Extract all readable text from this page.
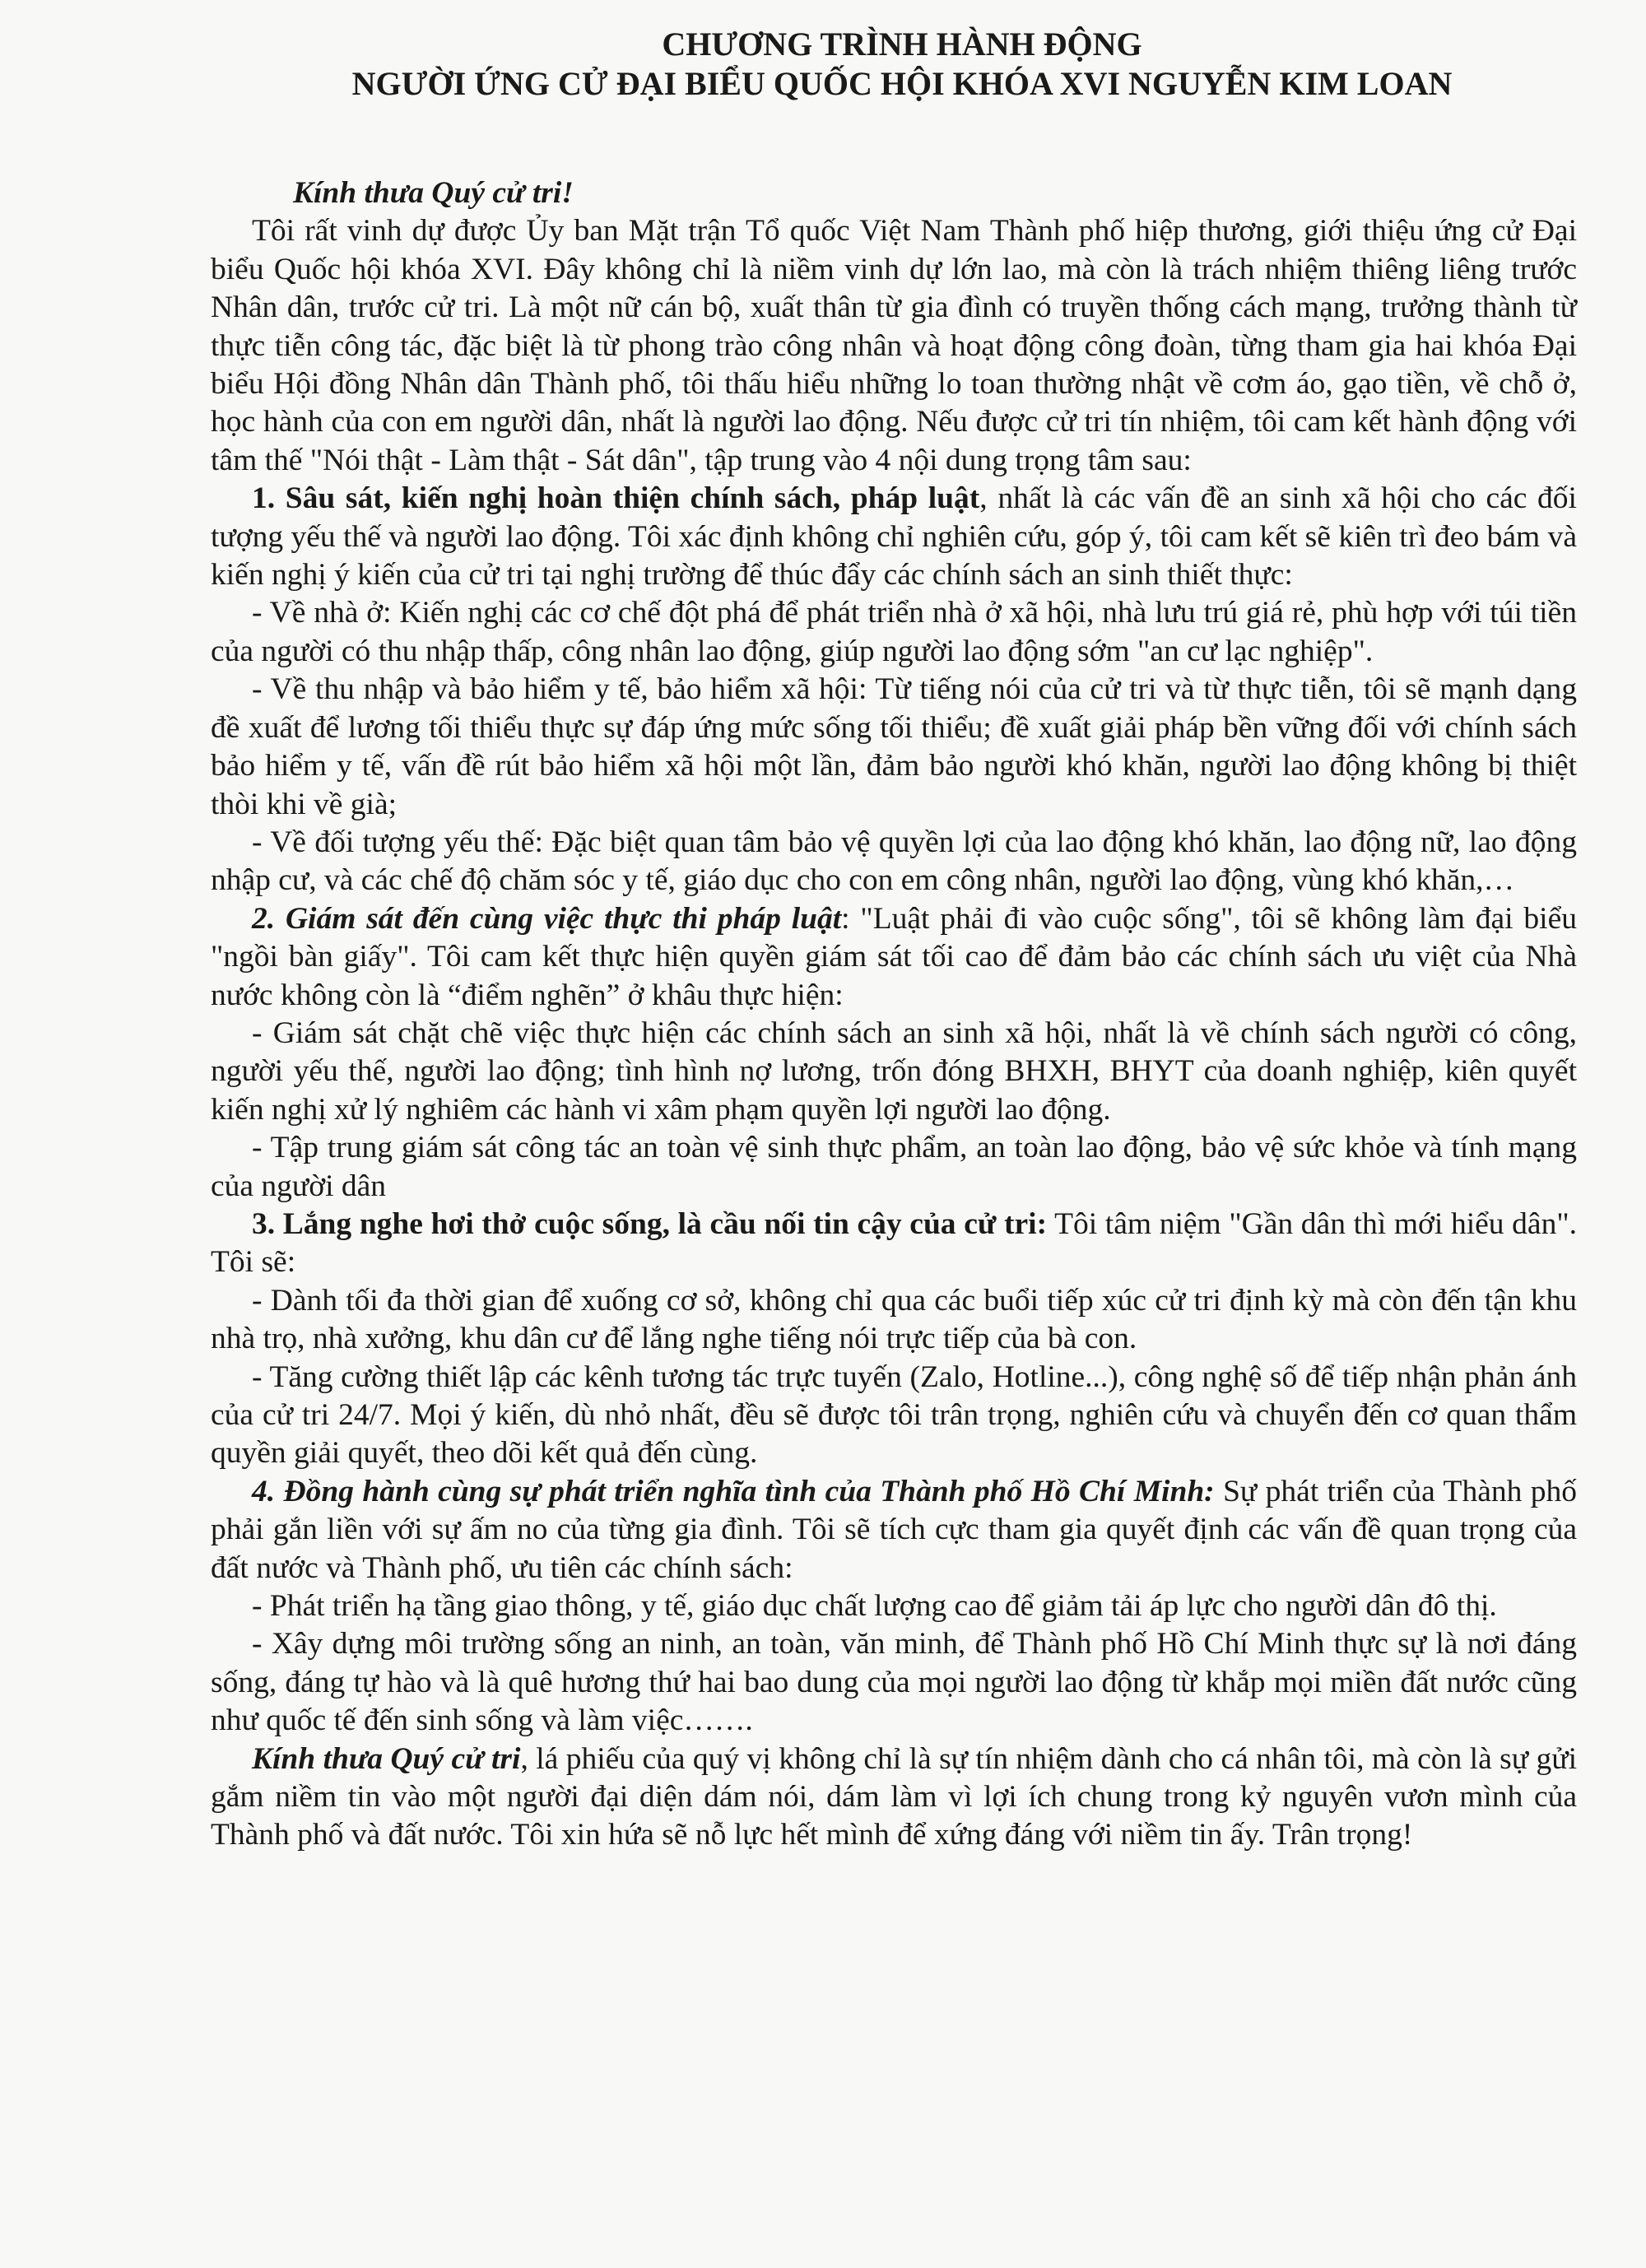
CHƯƠNG TRÌNH HÀNH ĐỘNG
NGƯỜI ỨNG CỬ ĐẠI BIỂU QUỐC HỘI KHÓA XVI NGUYỄN KIM LOAN

Kính thưa Quý cử tri!

Tôi rất vinh dự được Ủy ban Mặt trận Tổ quốc Việt Nam Thành phố hiệp thương, giới thiệu ứng cử Đại biểu Quốc hội khóa XVI. Đây không chỉ là niềm vinh dự lớn lao, mà còn là trách nhiệm thiêng liêng trước Nhân dân, trước cử tri. Là một nữ cán bộ, xuất thân từ gia đình có truyền thống cách mạng, trưởng thành từ thực tiễn công tác, đặc biệt là từ phong trào công nhân và hoạt động công đoàn, từng tham gia hai khóa Đại biểu Hội đồng Nhân dân Thành phố, tôi thấu hiểu những lo toan thường nhật về cơm áo, gạo tiền, về chỗ ở, học hành của con em người dân, nhất là người lao động. Nếu được cử tri tín nhiệm, tôi cam kết hành động với tâm thế "Nói thật - Làm thật - Sát dân", tập trung vào 4 nội dung trọng tâm sau:

1. Sâu sát, kiến nghị hoàn thiện chính sách, pháp luật, nhất là các vấn đề an sinh xã hội cho các đối tượng yếu thế và người lao động. Tôi xác định không chỉ nghiên cứu, góp ý, tôi cam kết sẽ kiên trì đeo bám và kiến nghị ý kiến của cử tri tại nghị trường để thúc đẩy các chính sách an sinh thiết thực:

- Về nhà ở: Kiến nghị các cơ chế đột phá để phát triển nhà ở xã hội, nhà lưu trú giá rẻ, phù hợp với túi tiền của người có thu nhập thấp, công nhân lao động, giúp người lao động sớm "an cư lạc nghiệp".

- Về thu nhập và bảo hiểm y tế, bảo hiểm xã hội: Từ tiếng nói của cử tri và từ thực tiễn, tôi sẽ mạnh dạng đề xuất để lương tối thiểu thực sự đáp ứng mức sống tối thiểu; đề xuất giải pháp bền vững đối với chính sách bảo hiểm y tế, vấn đề rút bảo hiểm xã hội một lần, đảm bảo người khó khăn, người lao động không bị thiệt thòi khi về già;

- Về đối tượng yếu thế: Đặc biệt quan tâm bảo vệ quyền lợi của lao động khó khăn, lao động nữ, lao động nhập cư, và các chế độ chăm sóc y tế, giáo dục cho con em công nhân, người lao động, vùng khó khăn,…

2. Giám sát đến cùng việc thực thi pháp luật: "Luật phải đi vào cuộc sống", tôi sẽ không làm đại biểu "ngồi bàn giấy". Tôi cam kết thực hiện quyền giám sát tối cao để đảm bảo các chính sách ưu việt của Nhà nước không còn là “điểm nghẽn” ở khâu thực hiện:

- Giám sát chặt chẽ việc thực hiện các chính sách an sinh xã hội, nhất là về chính sách người có công, người yếu thế, người lao động; tình hình nợ lương, trốn đóng BHXH, BHYT của doanh nghiệp, kiên quyết kiến nghị xử lý nghiêm các hành vi xâm phạm quyền lợi người lao động.

- Tập trung giám sát công tác an toàn vệ sinh thực phẩm, an toàn lao động, bảo vệ sức khỏe và tính mạng của người dân

3. Lắng nghe hơi thở cuộc sống, là cầu nối tin cậy của cử tri: Tôi tâm niệm "Gần dân thì mới hiểu dân". Tôi sẽ:

- Dành tối đa thời gian để xuống cơ sở, không chỉ qua các buổi tiếp xúc cử tri định kỳ mà còn đến tận khu nhà trọ, nhà xưởng, khu dân cư để lắng nghe tiếng nói trực tiếp của bà con.

- Tăng cường thiết lập các kênh tương tác trực tuyến (Zalo, Hotline...), công nghệ số để tiếp nhận phản ánh của cử tri 24/7. Mọi ý kiến, dù nhỏ nhất, đều sẽ được tôi trân trọng, nghiên cứu và chuyển đến cơ quan thẩm quyền giải quyết, theo dõi kết quả đến cùng.

4. Đồng hành cùng sự phát triển nghĩa tình của Thành phố Hồ Chí Minh: Sự phát triển của Thành phố phải gắn liền với sự ấm no của từng gia đình. Tôi sẽ tích cực tham gia quyết định các vấn đề quan trọng của đất nước và Thành phố, ưu tiên các chính sách:

- Phát triển hạ tầng giao thông, y tế, giáo dục chất lượng cao để giảm tải áp lực cho người dân đô thị.

- Xây dựng môi trường sống an ninh, an toàn, văn minh, để Thành phố Hồ Chí Minh thực sự là nơi đáng sống, đáng tự hào và là quê hương thứ hai bao dung của mọi người lao động từ khắp mọi miền đất nước cũng như quốc tế đến sinh sống và làm việc…….

Kính thưa Quý cử tri, lá phiếu của quý vị không chỉ là sự tín nhiệm dành cho cá nhân tôi, mà còn là sự gửi gắm niềm tin vào một người đại diện dám nói, dám làm vì lợi ích chung trong kỷ nguyên vươn mình của Thành phố và đất nước. Tôi xin hứa sẽ nỗ lực hết mình để xứng đáng với niềm tin ấy. Trân trọng!
